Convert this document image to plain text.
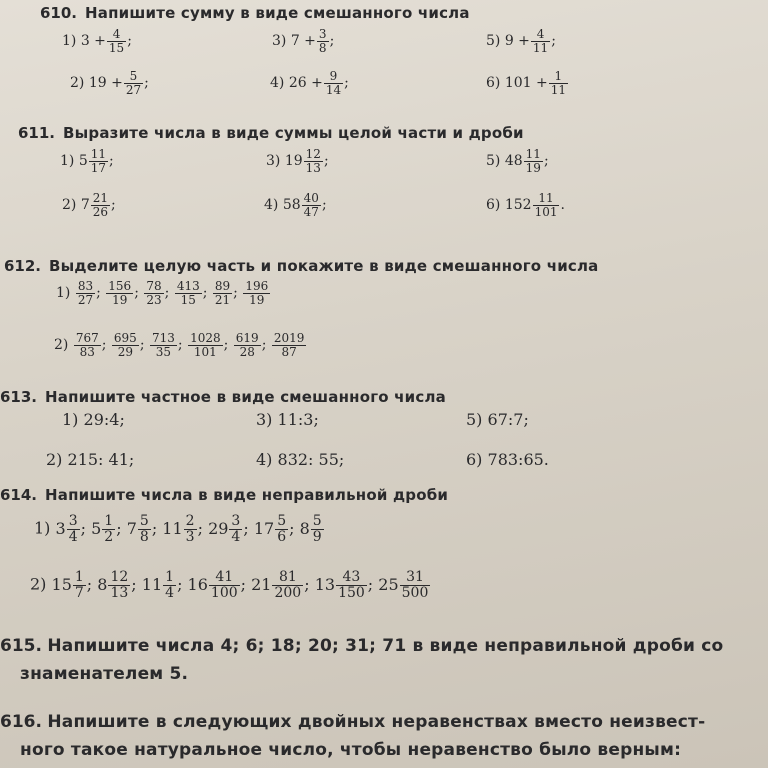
610. Напишите сумму в виде смешанного числа
1) $3 + \frac{4}{15}$ ;	3) $7 + \frac{3}{8}$ ;	5) $9 + \frac{4}{11}$ ;
2) $19 + \frac{5}{27}$ ;	4) $26 + \frac{9}{14}$ ;	6) $101 + \frac{1}{11}$
611. Выразите числа в виде суммы целой части и дроби
1) $5 \frac{11}{17}$ ;	3) $19 \frac{12}{13}$ ;	5) $48 \frac{11}{19}$ ;
2) $7 \frac{21}{26}$ ;	4) $58 \frac{40}{47}$ ;	6) $152 \frac{11}{101}$ .
612. Выделите целую часть и покажите в виде смешанного числа
$1) \frac{83}{27}$ ; $\frac{156}{19}$ ; $\frac{78}{23}$ ; $\frac{413}{15}$ ; $\frac{89}{21}$ ; $\frac{196}{19}$
$2) \frac{767}{83}$ ; $\frac{695}{29}$ ; $\frac{713}{35}$ ; $\frac{1028}{101}$ ; $\frac{619}{28}$ ; $\frac{2019}{87}$
613. Напишите частное в виде смешанного числа
1) 29:4;	3) 11:3;	5) 67:7;
2) 215: 41;	4) 832: 55;	6) 783:65.
614. Напишите числа в виде неправильной дроби
1) $3 \frac{3}{4}$ ; $5 \frac{1}{2}$ ; $7 \frac{5}{8}$ ; $11 \frac{2}{3}$ ; $29 \frac{3}{4}$ ; $17 \frac{5}{6}$ ; $8 \frac{5}{9}$
2) $15 \frac{1}{7}$ ; $8 \frac{12}{13}$ ; $11 \frac{1}{4}$ ; $16 \frac{41}{100}$ ; $21 \frac{81}{200}$ ; $13 \frac{43}{150}$ ; $25 \frac{31}{500}$
615. Напишите числа 4; 6; 18; 20; 31; 71 в виде неправильной дроби со
знаменателем 5.
616. Напишите в следующих двойных неравенствах вместо неизвест-
ного такое натуральное число, чтобы неравенство было верным:
